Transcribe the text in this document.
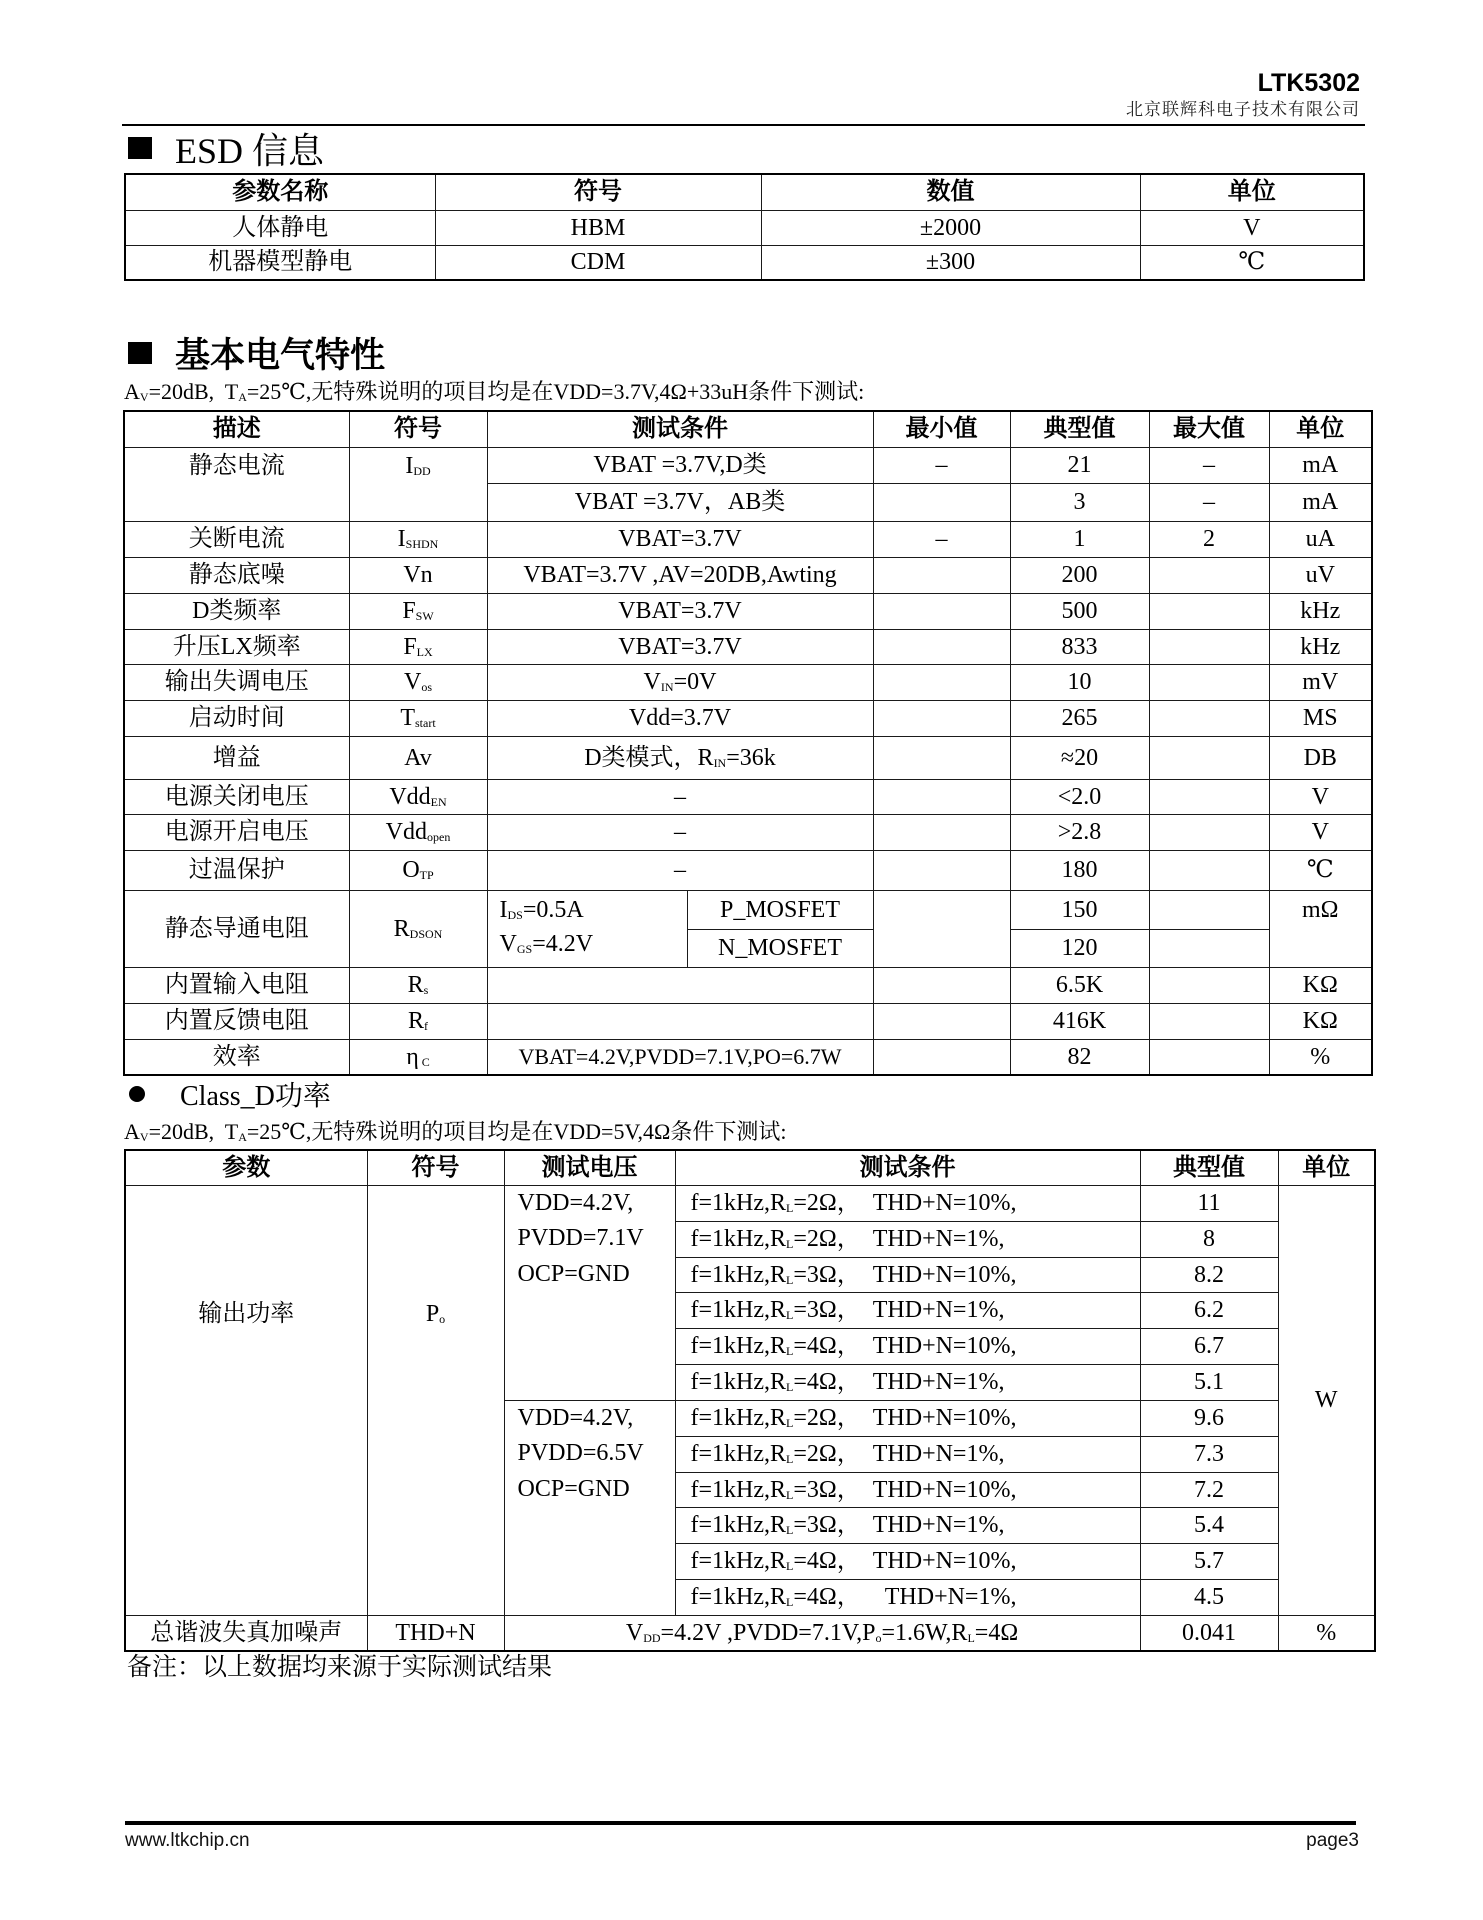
LTK5302
北京联辉科电子技术有限公司
ESD 信息
参数名称	符号	数值	单位
人体静电	HBM	±2000	V
机器模型静电	CDM	±300	℃
基本电气特性
AV=20dB,  TA=25℃,无特殊说明的项目均是在VDD=3.7V,4Ω+33uH条件下测试:
描述	符号	测试条件		最小值	典型值	最大值	单位
静态电流	IDD	VBAT =3.7V,D类		–	21	–	mA
		VBAT =3.7V，AB类			3	–	mA
关断电流	ISHDN	VBAT=3.7V		–	1	2	uA
静态底噪	Vn	VBAT=3.7V ,AV=20DB,Awting			200		uV
D类频率	FSW	VBAT=3.7V			500		kHz
升压LX频率	FLX	VBAT=3.7V			833		kHz
输出失调电压	Vos	VIN=0V			10		mV
启动时间	Tstart	Vdd=3.7V			265		MS
增益	Av	D类模式，RIN=36k			≈20		DB
电源关闭电压	VddEN	–			<2.0		V
电源开启电压	Vddopen	–			>2.8		V
过温保护	OTP	–			180		℃
静态导通电阻	RDSON	IDS=0.5A
VGS=4.2V	P_MOSFET		150		mΩ
			N_MOSFET		120		
内置输入电阻	Rs				6.5K		KΩ
内置反馈电阻	Rf				416K		KΩ
效率	η C	VBAT=4.2V,PVDD=7.1V,PO=6.7W			82		%
Class_D功率
AV=20dB,  TA=25℃,无特殊说明的项目均是在VDD=5V,4Ω条件下测试:
参数	符号	测试电压	测试条件	典型值	单位
输出功率	Po	VDD=4.2V,
PVDD=7.1V
OCP=GND	f=1kHz,RL=2Ω，  THD+N=10%,	11	W
			f=1kHz,RL=2Ω，  THD+N=1%,	8	
			f=1kHz,RL=3Ω，  THD+N=10%,	8.2	
			f=1kHz,RL=3Ω，  THD+N=1%,	6.2	
			f=1kHz,RL=4Ω，  THD+N=10%,	6.7	
			f=1kHz,RL=4Ω，  THD+N=1%,	5.1	

		VDD=4.2V,
PVDD=6.5V
OCP=GND	f=1kHz,RL=2Ω，  THD+N=10%,	9.6	
			f=1kHz,RL=2Ω，  THD+N=1%,	7.3	
			f=1kHz,RL=3Ω，  THD+N=10%,	7.2	
			f=1kHz,RL=3Ω，  THD+N=1%,	5.4	
			f=1kHz,RL=4Ω，  THD+N=10%,	5.7	
			f=1kHz,RL=4Ω，    THD+N=1%,	4.5	
总谐波失真加噪声	THD+N	VDD=4.2V ,PVDD=7.1V,Po=1.6W,RL=4Ω		0.041	%
备注：以上数据均来源于实际测试结果
www.ltkchip.cn	page3
